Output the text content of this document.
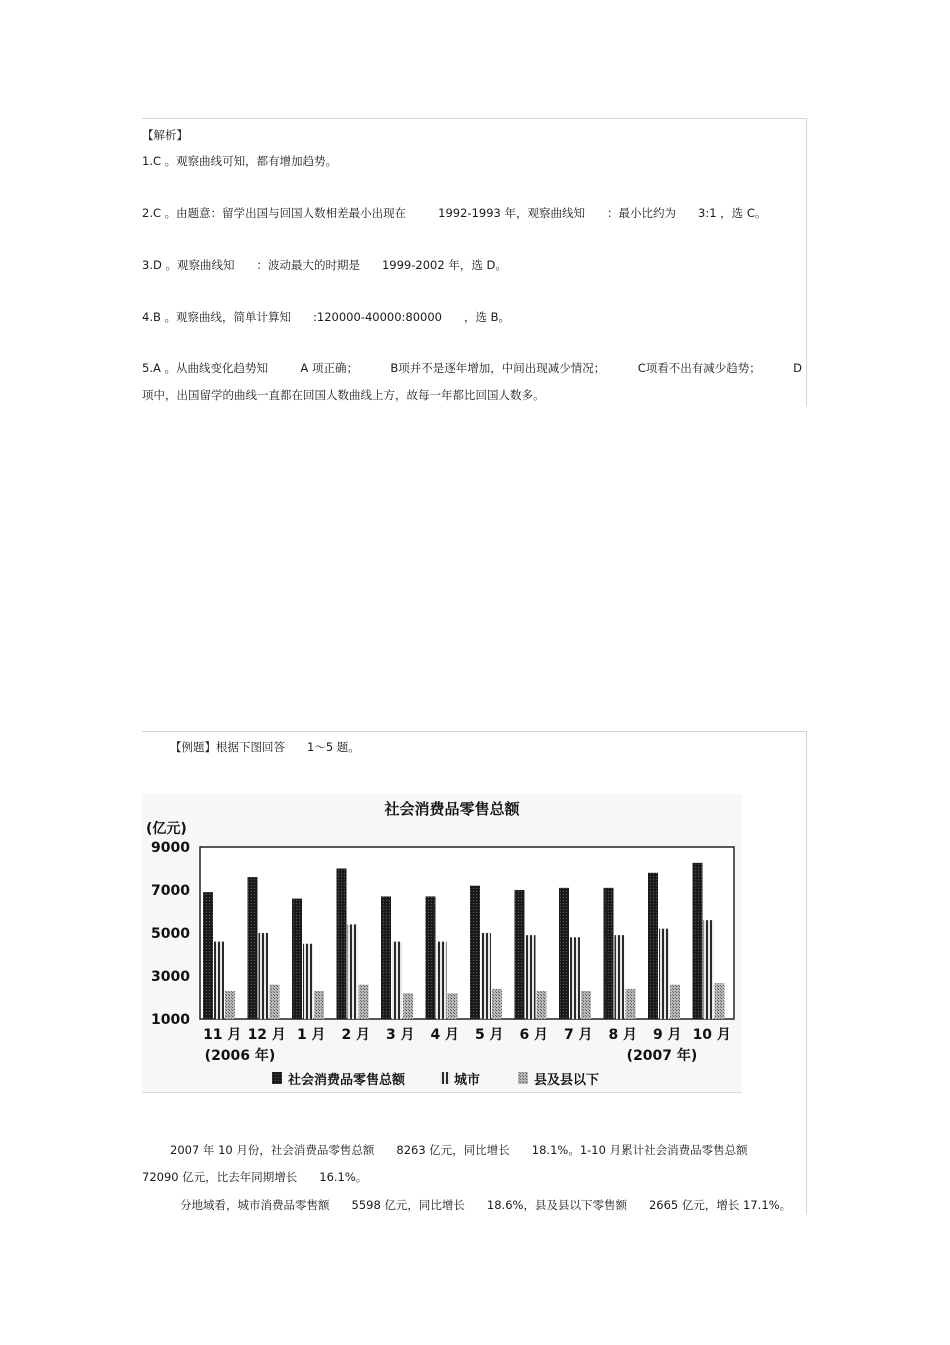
【解析】
1.C 。观察曲线可知，都有增加趋势。
2.C 。由题意：留学出国与回国人数相差最小出现在	1992-1993 年，观察曲线知 ：最小比约为 3:1 ，选 C。
3.D 。观察曲线知 ：波动最大的时期是 1999-2002 年，选 D。
4.B 。观察曲线，简单计算知 :120000-40000:80000 ，选 B。
5.A 。从曲线变化趋势知	A 项正确；	B项并不是逐年增加，中间出现减少情况；	C项看不出有减少趋势；	D
项中，出国留学的曲线一直都在回国人数曲线上方，故每一年都比回国人数多。
【例题】根据下图回答 1～5 题。
社会消费品零售总额
(亿元)
9000
7000
5000
3000
1000
11 月 12 月 1 月 2 月 3 月 4 月 5 月 6 月 7 月 8 月 9 月 10 月
(2006 年)	(2007 年)
社会消费品零售总额	城市	县及县以下
2007 年 10 月份，社会消费品零售总额 8263 亿元，同比增长 18.1%。1-10 月累计社会消费品零售总额
72090 亿元，比去年同期增长 16.1%。
分地域看，城市消费品零售额 5598 亿元，同比增长 18.6%，县及县以下零售额 2665 亿元，增长 17.1%。
